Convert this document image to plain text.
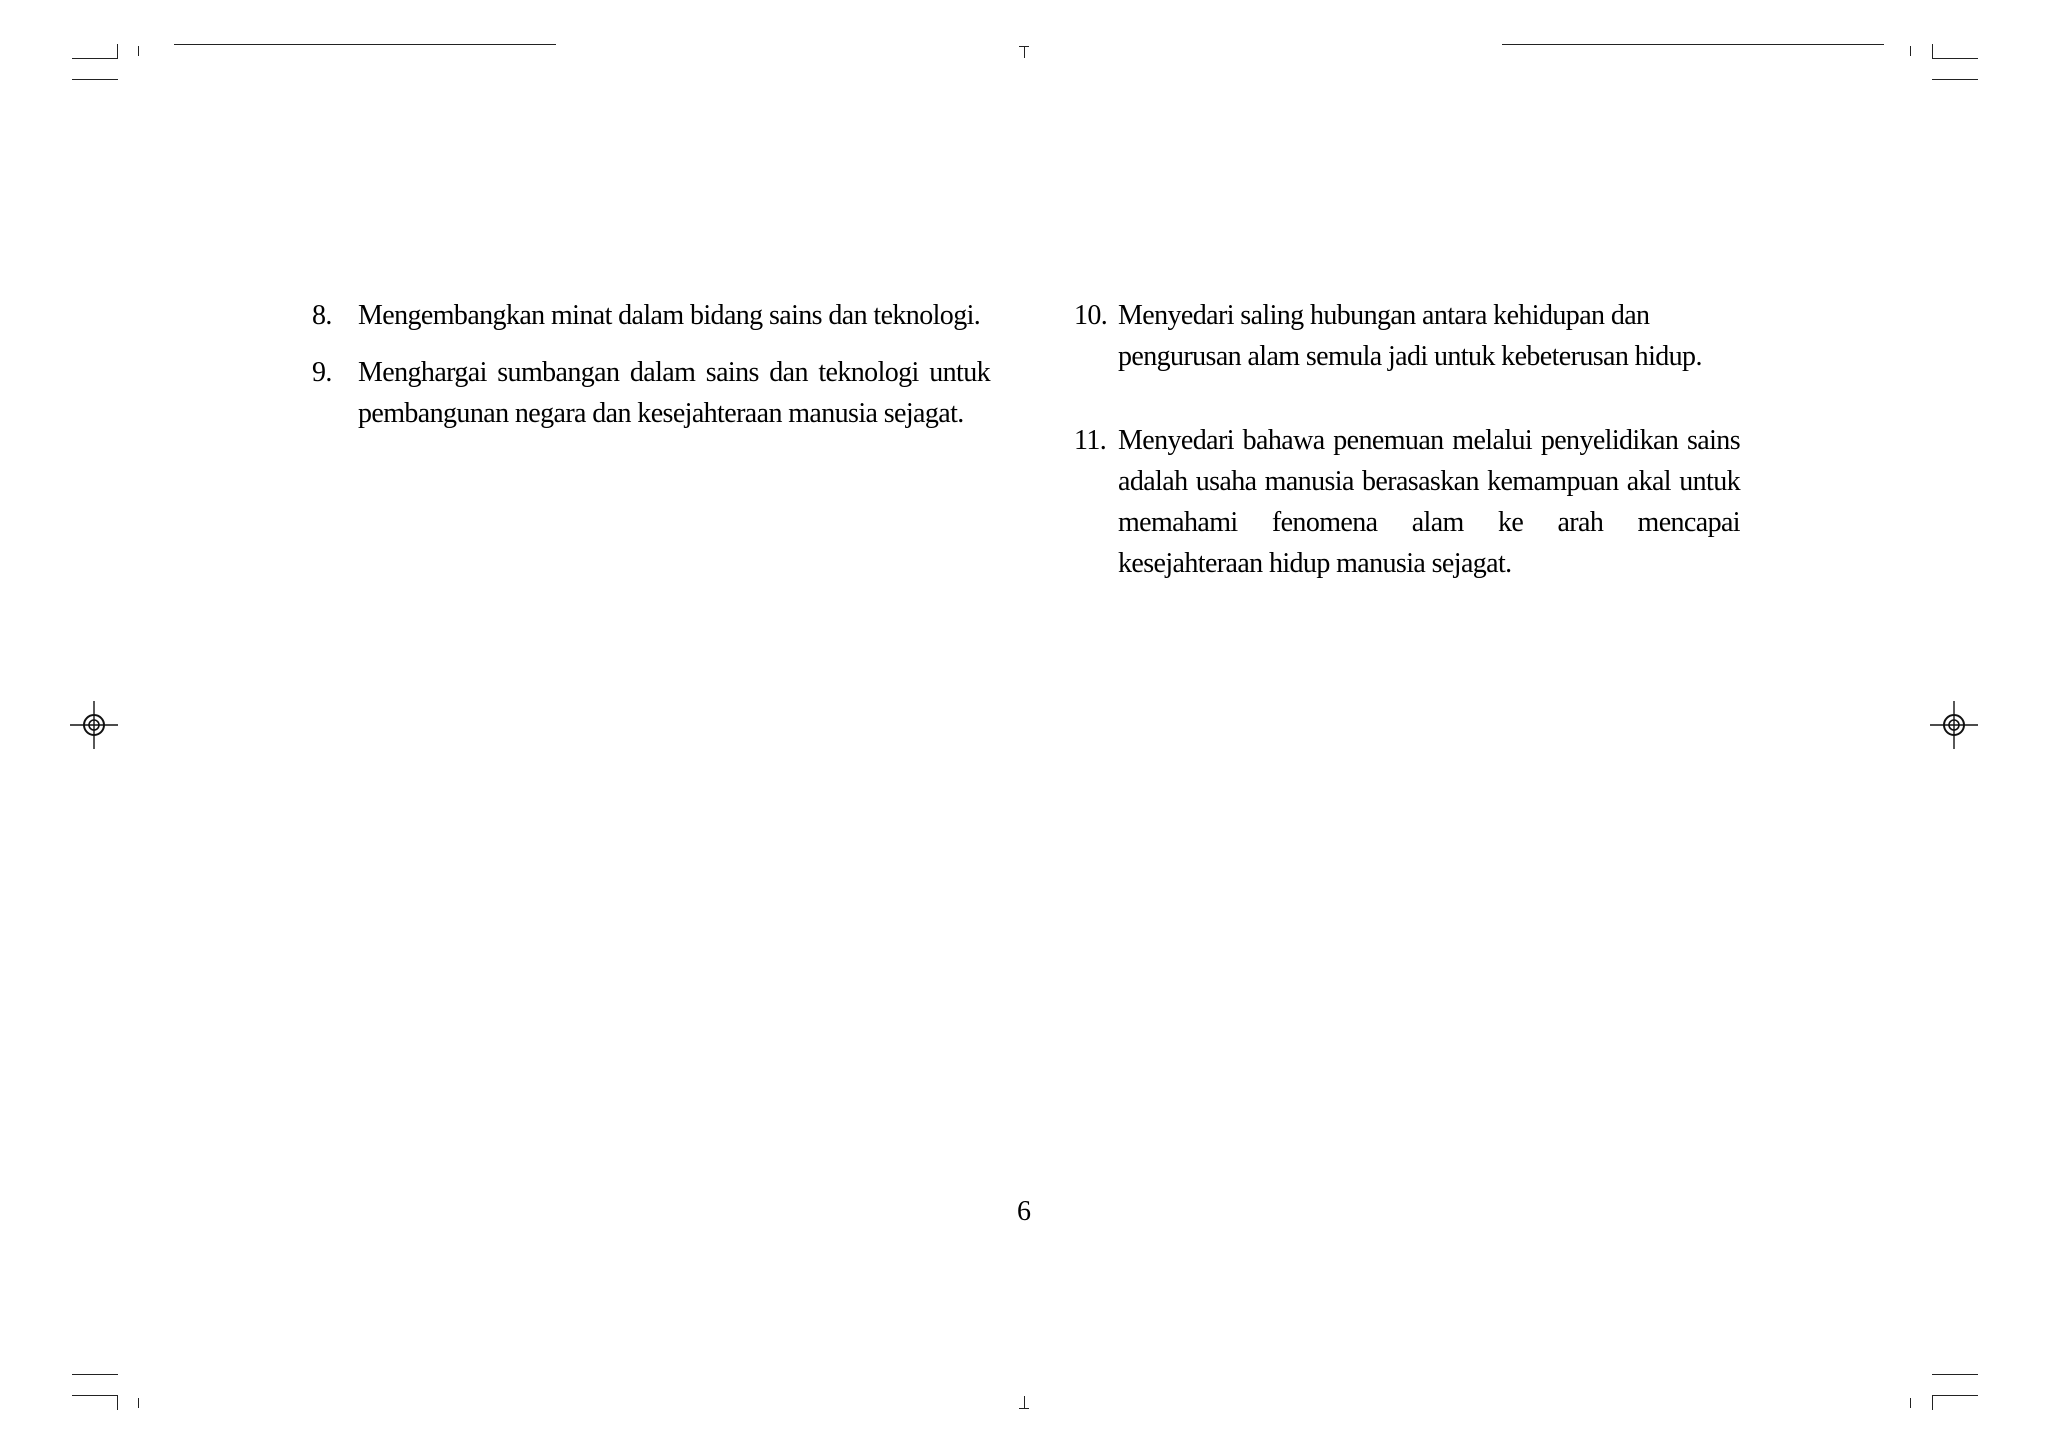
8. Mengembangkan minat dalam bidang sains dan teknologi.
9. Menghargai sumbangan dalam sains dan teknologi untuk pembangunan negara dan kesejahteraan manusia sejagat.
10. Menyedari saling hubungan antara kehidupan dan pengurusan alam semula jadi untuk kebeterusan hidup.
11. Menyedari bahawa penemuan melalui penyelidikan sains adalah usaha manusia berasaskan kemampuan akal untuk memahami fenomena alam ke arah mencapai kesejahteraan hidup manusia sejagat.
6
